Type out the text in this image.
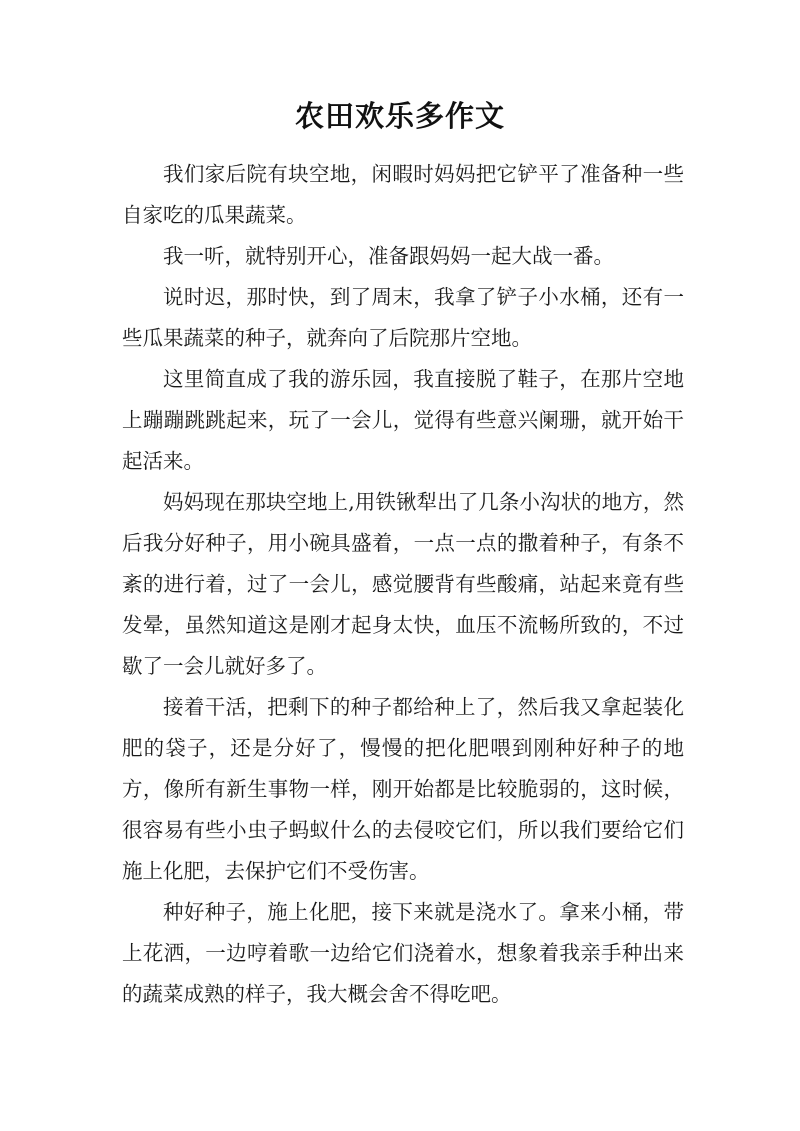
农田欢乐多作文

我们家后院有块空地，闲暇时妈妈把它铲平了准备种一些自家吃的瓜果蔬菜。

我一听，就特别开心，准备跟妈妈一起大战一番。

说时迟，那时快，到了周末，我拿了铲子小水桶，还有一些瓜果蔬菜的种子，就奔向了后院那片空地。

这里简直成了我的游乐园，我直接脱了鞋子，在那片空地上蹦蹦跳跳起来，玩了一会儿，觉得有些意兴阑珊，就开始干起活来。

妈妈现在那块空地上,用铁锹犁出了几条小沟状的地方，然后我分好种子，用小碗具盛着，一点一点的撒着种子，有条不紊的进行着，过了一会儿，感觉腰背有些酸痛，站起来竟有些发晕，虽然知道这是刚才起身太快，血压不流畅所致的，不过歇了一会儿就好多了。

接着干活，把剩下的种子都给种上了，然后我又拿起装化肥的袋子，还是分好了，慢慢的把化肥喂到刚种好种子的地方，像所有新生事物一样，刚开始都是比较脆弱的，这时候，很容易有些小虫子蚂蚁什么的去侵咬它们，所以我们要给它们施上化肥，去保护它们不受伤害。

种好种子，施上化肥，接下来就是浇水了。拿来小桶，带上花洒，一边哼着歌一边给它们浇着水，想象着我亲手种出来的蔬菜成熟的样子，我大概会舍不得吃吧。
